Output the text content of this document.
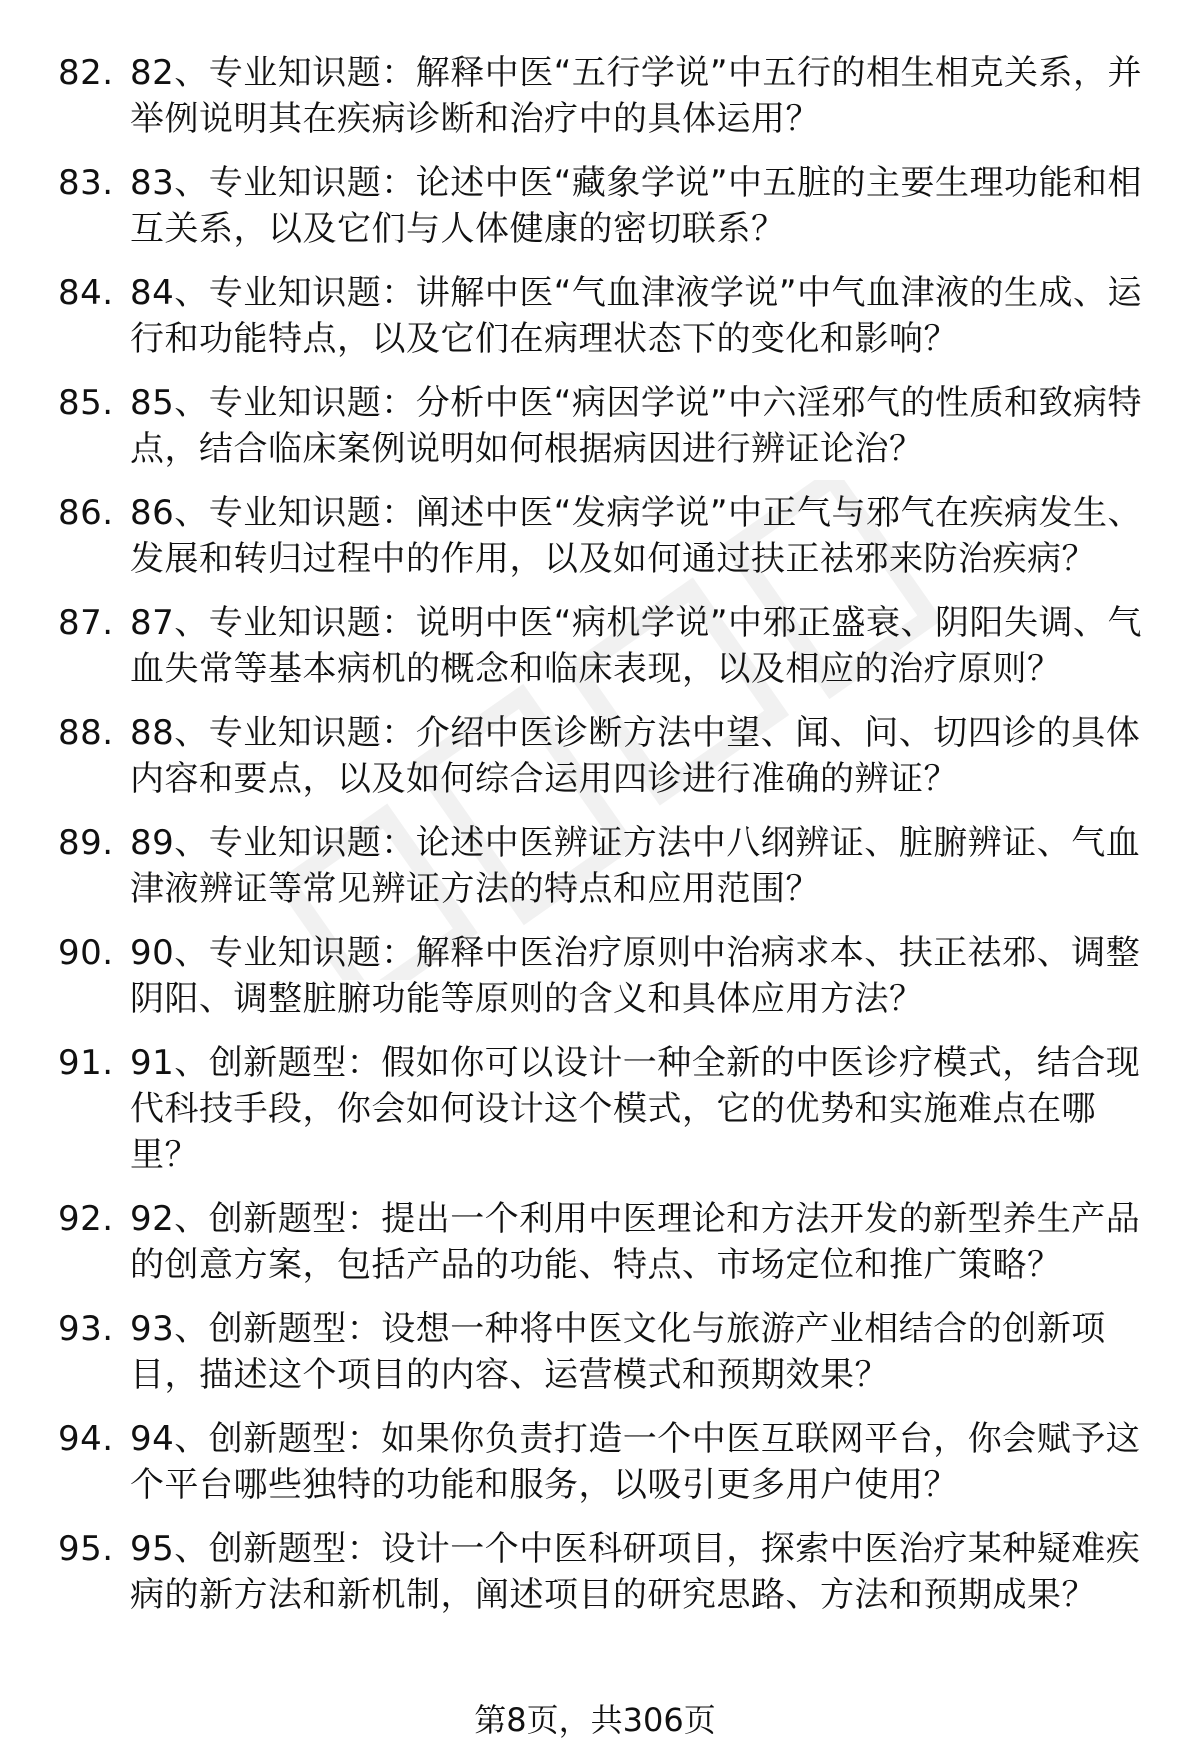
82. 82、专业知识题：解释中医“五行学说”中五行的相生相克关系，并举例说明其在疾病诊断和治疗中的具体运用？
83. 83、专业知识题：论述中医“藏象学说”中五脏的主要生理功能和相互关系，以及它们与人体健康的密切联系？
84. 84、专业知识题：讲解中医“气血津液学说”中气血津液的生成、运行和功能特点，以及它们在病理状态下的变化和影响？
85. 85、专业知识题：分析中医“病因学说”中六淫邪气的性质和致病特点，结合临床案例说明如何根据病因进行辨证论治？
86. 86、专业知识题：阐述中医“发病学说”中正气与邪气在疾病发生、发展和转归过程中的作用，以及如何通过扶正祛邪来防治疾病？
87. 87、专业知识题：说明中医“病机学说”中邪正盛衰、阴阳失调、气血失常等基本病机的概念和临床表现，以及相应的治疗原则？
88. 88、专业知识题：介绍中医诊断方法中望、闻、问、切四诊的具体内容和要点，以及如何综合运用四诊进行准确的辨证？
89. 89、专业知识题：论述中医辨证方法中八纲辨证、脏腑辨证、气血津液辨证等常见辨证方法的特点和应用范围？
90. 90、专业知识题：解释中医治疗原则中治病求本、扶正祛邪、调整阴阳、调整脏腑功能等原则的含义和具体应用方法？
91. 91、创新题型：假如你可以设计一种全新的中医诊疗模式，结合现代科技手段，你会如何设计这个模式，它的优势和实施难点在哪里？
92. 92、创新题型：提出一个利用中医理论和方法开发的新型养生产品的创意方案，包括产品的功能、特点、市场定位和推广策略？
93. 93、创新题型：设想一种将中医文化与旅游产业相结合的创新项目，描述这个项目的内容、运营模式和预期效果？
94. 94、创新题型：如果你负责打造一个中医互联网平台，你会赋予这个平台哪些独特的功能和服务，以吸引更多用户使用？
95. 95、创新题型：设计一个中医科研项目，探索中医治疗某种疑难疾病的新方法和新机制，阐述项目的研究思路、方法和预期成果？
第8页，共306页
